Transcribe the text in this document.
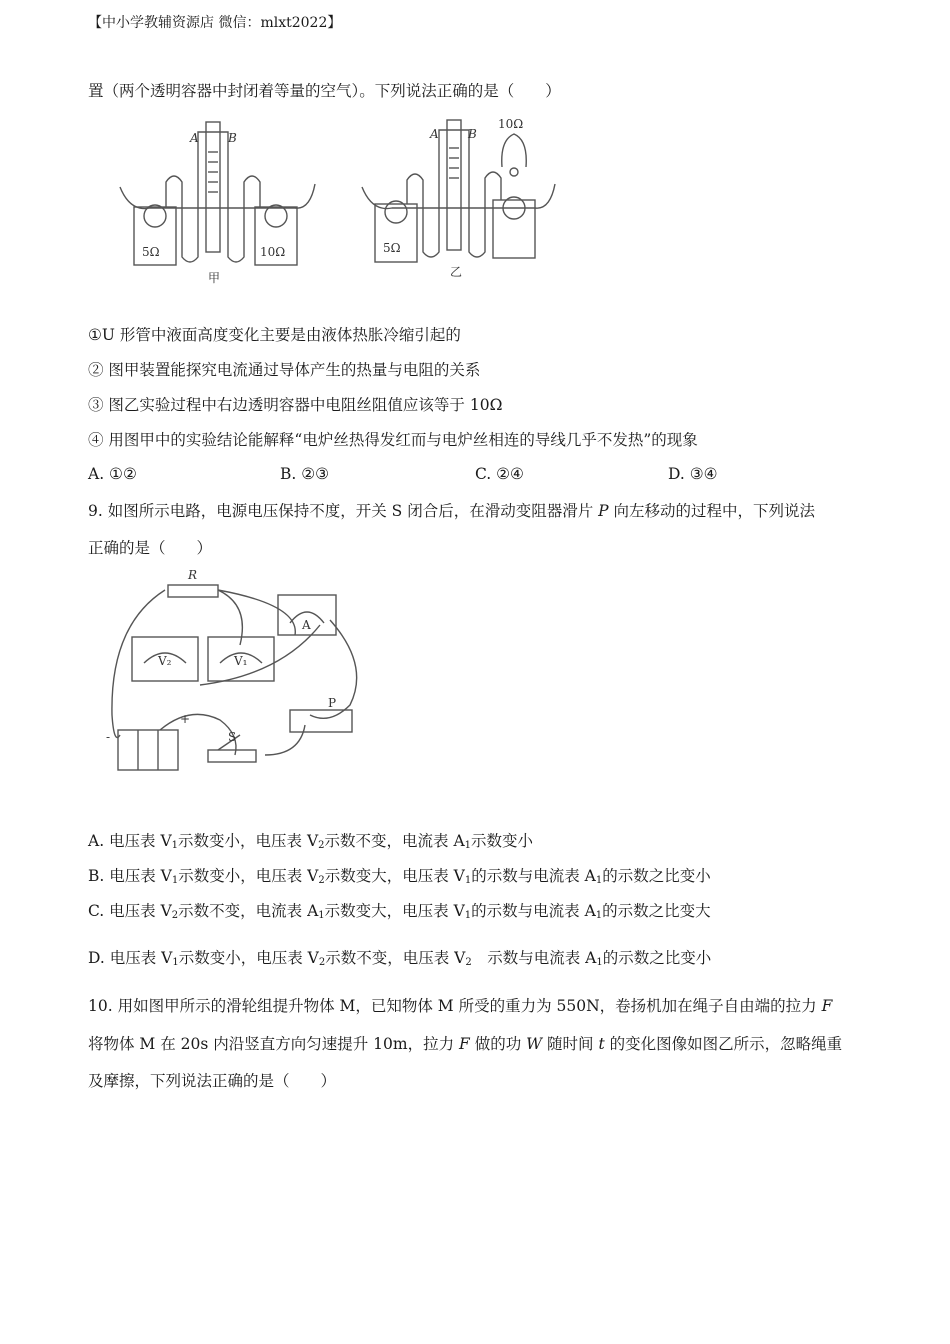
【中小学教辅资源店 微信：mlxt2022】
置（两个透明容器中封闭着等量的空气）。下列说法正确的是（　　）
A B
5Ω	10Ω
甲
A B
10Ω
5Ω
乙
①U 形管中液面高度变化主要是由液体热胀冷缩引起的
② 图甲装置能探究电流通过导体产生的热量与电阻的关系
③ 图乙实验过程中右边透明容器中电阻丝阻值应该等于 10Ω
④ 用图甲中的实验结论能解释“电炉丝热得发红而与电炉丝相连的导线几乎不发热”的现象
A. ①②	B. ②③	C. ②④	D. ③④
9. 如图所示电路，电源电压保持不度，开关 S 闭合后，在滑动变阻器滑片 P 向左移动的过程中，下列说法
正确的是（　　）
R
A
V₂	V₁
P
S
+
-
A. 电压表 $V_1$示数变小，电压表 $V_2$示数不变，电流表 $A_1$示数变小
B. 电压表 $V_1$示数变小，电压表 $V_2$示数变大，电压表 $V_1$的示数与电流表 $A_1$的示数之比变小
C. 电压表 $V_2$示数不变，电流表 $A_1$示数变大，电压表 $V_1$的示数与电流表 $A_1$的示数之比变大
D. 电压表 $V_1$示数变小，电压表 $V_2$示数不变，电压表 $V_2$　示数与电流表 $A_1$的示数之比变小
10. 用如图甲所示的滑轮组提升物体 M，已知物体 M 所受的重力为 550N，卷扬机加在绳子自由端的拉力 F
将物体 M 在 20s 内沿竖直方向匀速提升 10m，拉力 F 做的功 W 随时间 t 的变化图像如图乙所示，忽略绳重
及摩擦，下列说法正确的是（　　）
